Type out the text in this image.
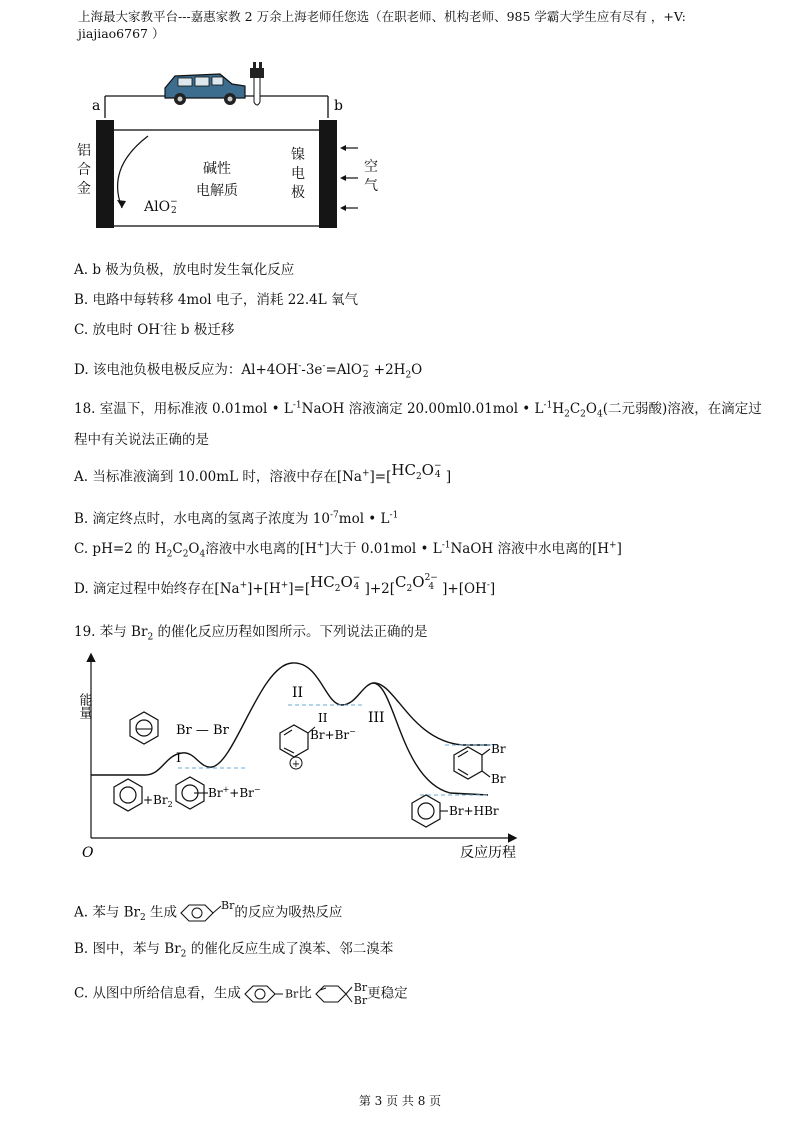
上海最大家教平台---嘉惠家教 2 万余上海老师任您选（在职老师、机构老师、985 学霸大学生应有尽有 ，+V:
jiajiao6767 ）
a	b
铝合金
镍电极
空气
碱性
电解质
AlO −
2
A. b 极为负极，放电时发生氧化反应
B. 电路中每转移 4mol 电子，消耗 22.4L 氧气
C. 放电时 OH-往 b 极迁移
D. 该电池负极电极反应为：Al+4OH--3e-=AlO −
$2 +2H_2O$
18. 室温下，用标准液 0.01mol • $L^{-1}NaOH$ 溶液滴定 20.00ml0.01mol • $L^{-1}H_2C_2O_4$(二元弱酸)溶液，在滴定过
程中有关说法正确的是
A. 当标准液滴到 10.00mL 时，溶液中存在$[Na^+]=[HC_2O$ −
4 ]
B. 滴定终点时，水电离的氢离子浓度为 $10^{-7}mol$ • $L^{-1}$
C. pH=2 的 $H_2C_2O_4$溶液中水电离的[H+]大于 0.01mol • $L^{-1}NaOH$ 溶液中水电离的[H+]
D. 滴定过程中始终存在$[Na^+]+[H^+]=[HC_2O$ −
4 ]$+2[C_2O$ 2−
4 ]+[OH-]
19. 苯与 $Br_2$ 的催化反应历程如图所示。下列说法正确的是
+
能量
O	反应历程
$+Br_2$
Br — Br
I
II
II	III
Br++Br−
Br+Br−
Br
Br
Br+HBr
A. 苯与 $Br_2$ 生成	$^{Br}$的反应为吸热反应
B. 图中，苯与 $Br_2$ 的催化反应生成了溴苯、邻二溴苯
C. 从图中所给信息看，生成	Br比	Br
Br 更稳定
第 3 页 共 8 页
